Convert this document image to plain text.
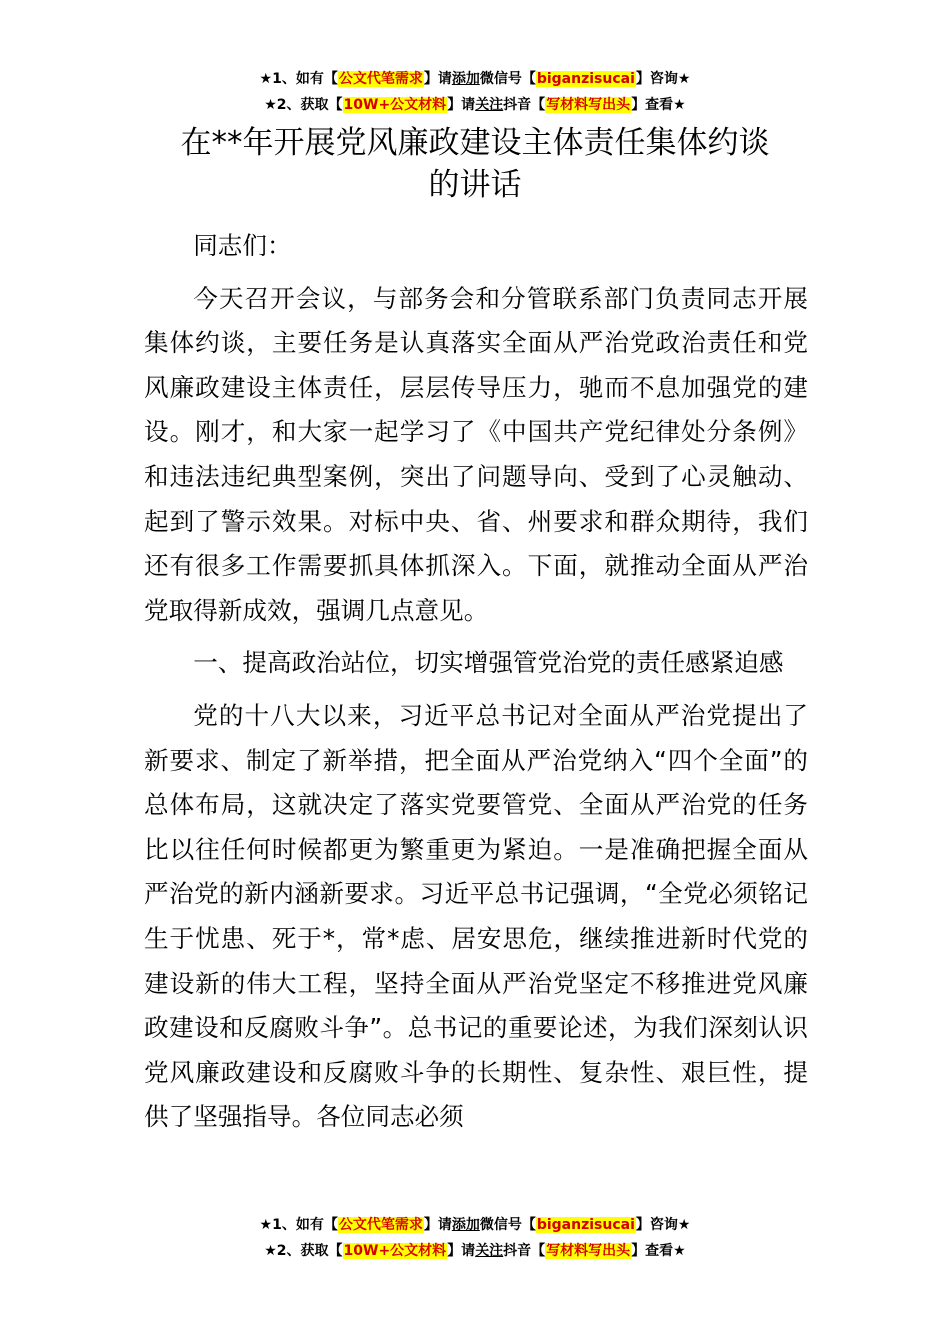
★1、如有【公文代笔需求】请添加微信号【biganzisucai】咨询★
★2、获取【10W+公文材料】请关注抖音【写材料写出头】查看★
在**年开展党风廉政建设主体责任集体约谈
的讲话

同志们：

今天召开会议，与部务会和分管联系部门负责同志开展集体约谈，主要任务是认真落实全面从严治党政治责任和党风廉政建设主体责任，层层传导压力，驰而不息加强党的建设。刚才，和大家一起学习了《中国共产党纪律处分条例》和违法违纪典型案例，突出了问题导向、受到了心灵触动、起到了警示效果。对标中央、省、州要求和群众期待，我们还有很多工作需要抓具体抓深入。下面，就推动全面从严治党取得新成效，强调几点意见。

一、提高政治站位，切实增强管党治党的责任感紧迫感

党的十八大以来，习近平总书记对全面从严治党提出了新要求、制定了新举措，把全面从严治党纳入“四个全面”的总体布局，这就决定了落实党要管党、全面从严治党的任务比以往任何时候都更为繁重更为紧迫。一是准确把握全面从严治党的新内涵新要求。习近平总书记强调，“全党必须铭记生于忧患、死于*，常*虑、居安思危，继续推进新时代党的建设新的伟大工程，坚持全面从严治党坚定不移推进党风廉政建设和反腐败斗争”。总书记的重要论述，为我们深刻认识党风廉政建设和反腐败斗争的长期性、复杂性、艰巨性，提供了坚强指导。各位同志必须

★1、如有【公文代笔需求】请添加微信号【biganzisucai】咨询★
★2、获取【10W+公文材料】请关注抖音【写材料写出头】查看★
